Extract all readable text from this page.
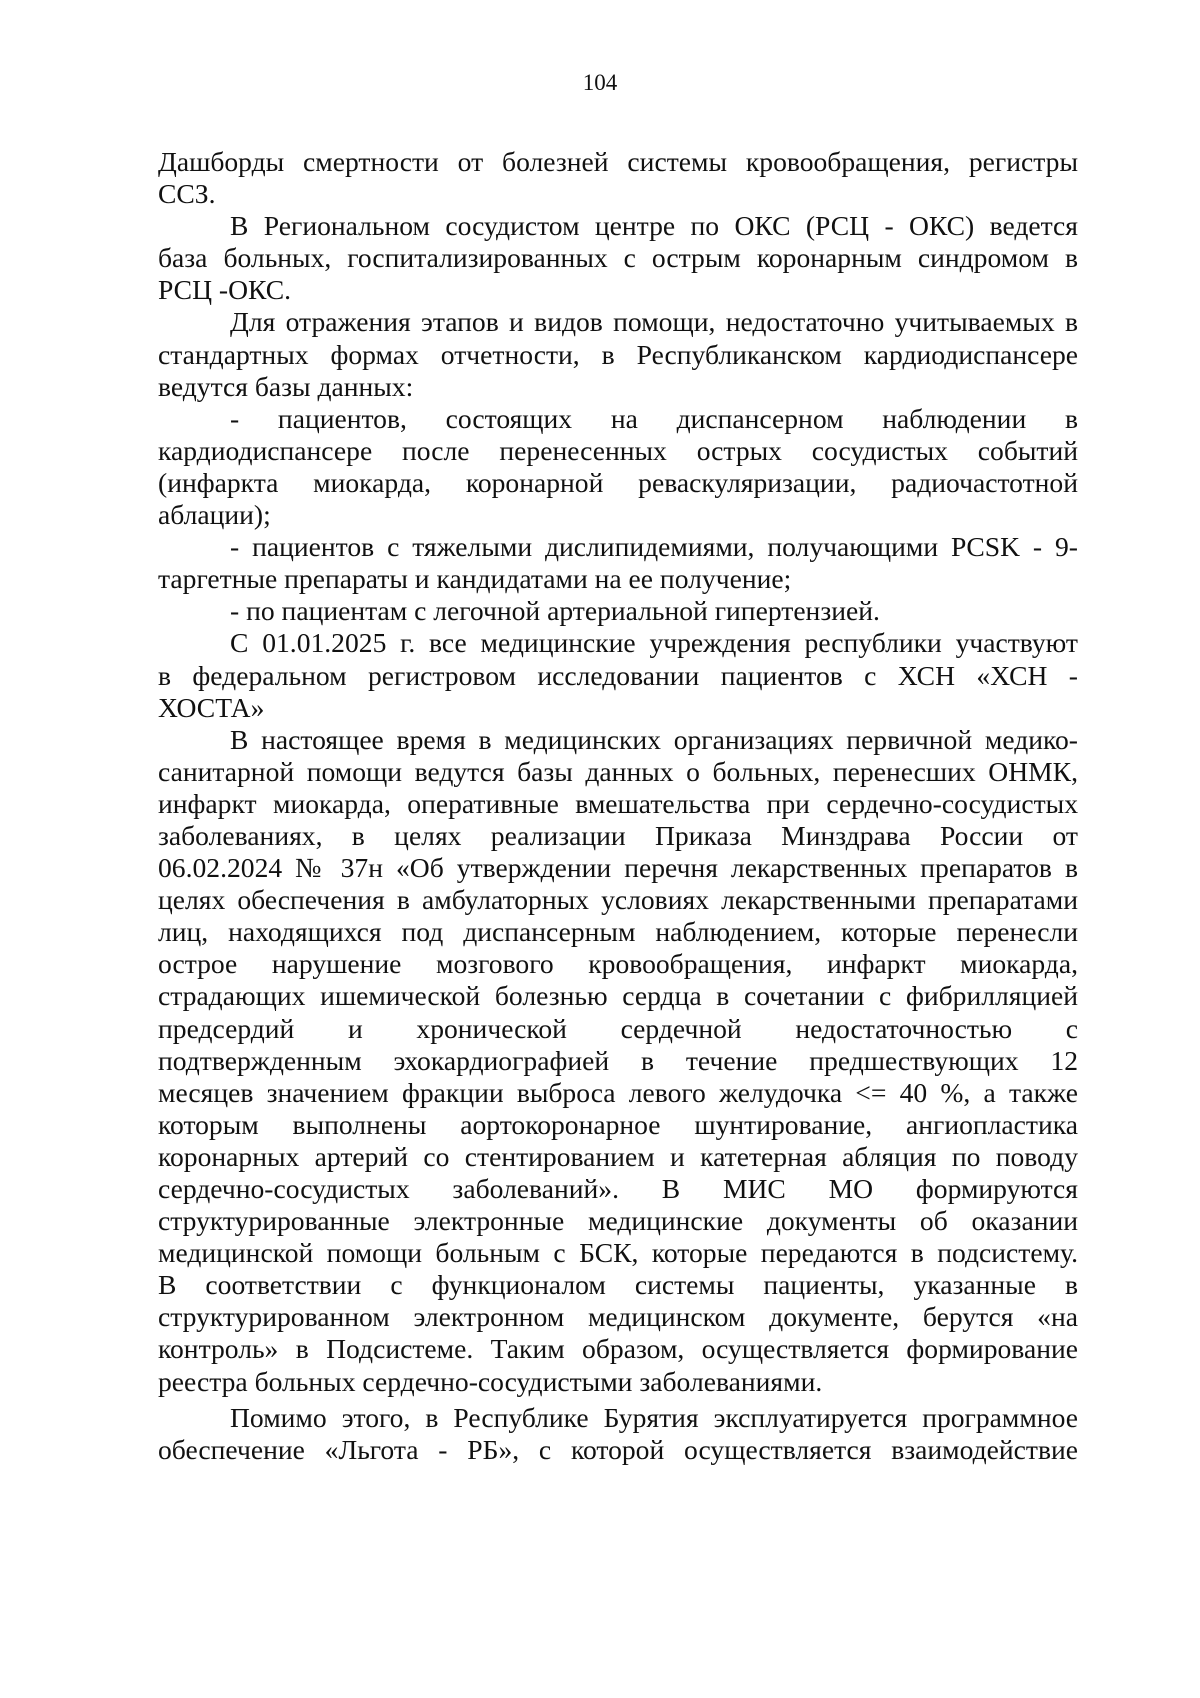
104
Дашборды смертности от болезней системы кровообращения, регистры
ССЗ.
В Региональном сосудистом центре по ОКС (РСЦ - ОКС) ведется
база больных, госпитализированных с острым коронарным синдромом в
РСЦ -ОКС.
Для отражения этапов и видов помощи, недостаточно учитываемых в
стандартных формах отчетности, в Республиканском кардиодиспансере
ведутся базы данных:
- пациентов, состоящих на диспансерном наблюдении в
кардиодиспансере после перенесенных острых сосудистых событий
(инфаркта миокарда, коронарной реваскуляризации, радиочастотной
аблации);
- пациентов с тяжелыми дислипидемиями, получающими PCSK - 9-
таргетные препараты и кандидатами на ее получение;
- по пациентам с легочной артериальной гипертензией.
С 01.01.2025 г. все медицинские учреждения республики участвуют
в федеральном регистровом исследовании пациентов с ХСН «ХСН -
ХОСТА»
В настоящее время в медицинских организациях первичной медико-
санитарной помощи ведутся базы данных о больных, перенесших ОНМК,
инфаркт миокарда, оперативные вмешательства при сердечно-сосудистых
заболеваниях, в целях реализации Приказа Минздрава России от
06.02.2024 № 37н «Об утверждении перечня лекарственных препаратов в
целях обеспечения в амбулаторных условиях лекарственными препаратами
лиц, находящихся под диспансерным наблюдением, которые перенесли
острое нарушение мозгового кровообращения, инфаркт миокарда,
страдающих ишемической болезнью сердца в сочетании с фибрилляцией
предсердий и хронической сердечной недостаточностью с
подтвержденным эхокардиографией в течение предшествующих 12
месяцев значением фракции выброса левого желудочка <= 40 %, а также
которым выполнены аортокоронарное шунтирование, ангиопластика
коронарных артерий со стентированием и катетерная абляция по поводу
сердечно-сосудистых заболеваний». В МИС МО формируются
структурированные электронные медицинские документы об оказании
медицинской помощи больным с БСК, которые передаются в подсистему.
В соответствии с функционалом системы пациенты, указанные в
структурированном электронном медицинском документе, берутся «на
контроль» в Подсистеме. Таким образом, осуществляется формирование
реестра больных сердечно-сосудистыми заболеваниями.
Помимо этого, в Республике Бурятия эксплуатируется программное
обеспечение «Льгота - РБ», с которой осуществляется взаимодействие
